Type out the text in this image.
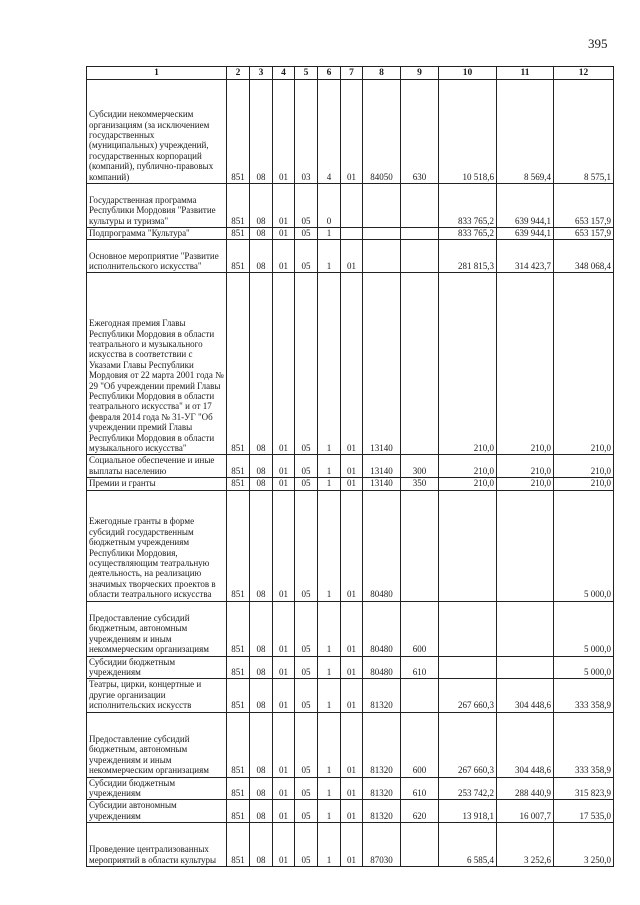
395
1	2	3	4	5	6	7	8	9	10	11	12
Субсидии некоммерческим организациям (за исключением государственных (муниципальных) учреждений, государственных корпораций (компаний), публично-правовых компаний)	851	08	01	03	4	01	84050	630	10 518,6	8 569,4	8 575,1
Государственная программа Республики Мордовия "Развитие культуры и туризма"	851	08	01	05	0				833 765,2	639 944,1	653 157,9
Подпрограмма "Культура"	851	08	01	05	1				833 765,2	639 944,1	653 157,9
Основное мероприятие "Развитие исполнительского искусства"	851	08	01	05	1	01			281 815,3	314 423,7	348 068,4
Ежегодная премия Главы Республики Мордовия в области театрального и музыкального искусства в соответствии с Указами Главы Республики Мордовия от 22 марта 2001 года № 29 "Об учреждении премий Главы Республики Мордовия в области театрального искусства" и от 17 февраля 2014 года № 31-УГ "Об учреждении премий Главы Республики Мордовия в области музыкального искусства"	851	08	01	05	1	01	13140		210,0	210,0	210,0
Социальное обеспечение и иные выплаты населению	851	08	01	05	1	01	13140	300	210,0	210,0	210,0
Премии и гранты	851	08	01	05	1	01	13140	350	210,0	210,0	210,0
Ежегодные гранты в форме субсидий государственным бюджетным учреждениям Республики Мордовия, осуществляющим театральную деятельность, на реализацию значимых творческих проектов в области театрального искусства	851	08	01	05	1	01	80480				5 000,0
Предоставление субсидий бюджетным, автономным учреждениям и иным некоммерческим организациям	851	08	01	05	1	01	80480	600			5 000,0
Субсидии бюджетным учреждениям	851	08	01	05	1	01	80480	610			5 000,0
Театры, цирки, концертные и другие организации исполнительских искусств	851	08	01	05	1	01	81320		267 660,3	304 448,6	333 358,9
Предоставление субсидий бюджетным, автономным учреждениям и иным некоммерческим организациям	851	08	01	05	1	01	81320	600	267 660,3	304 448,6	333 358,9
Субсидии бюджетным учреждениям	851	08	01	05	1	01	81320	610	253 742,2	288 440,9	315 823,9
Субсидии автономным учреждениям	851	08	01	05	1	01	81320	620	13 918,1	16 007,7	17 535,0
Проведение централизованных мероприятий в области культуры	851	08	01	05	1	01	87030		6 585,4	3 252,6	3 250,0
